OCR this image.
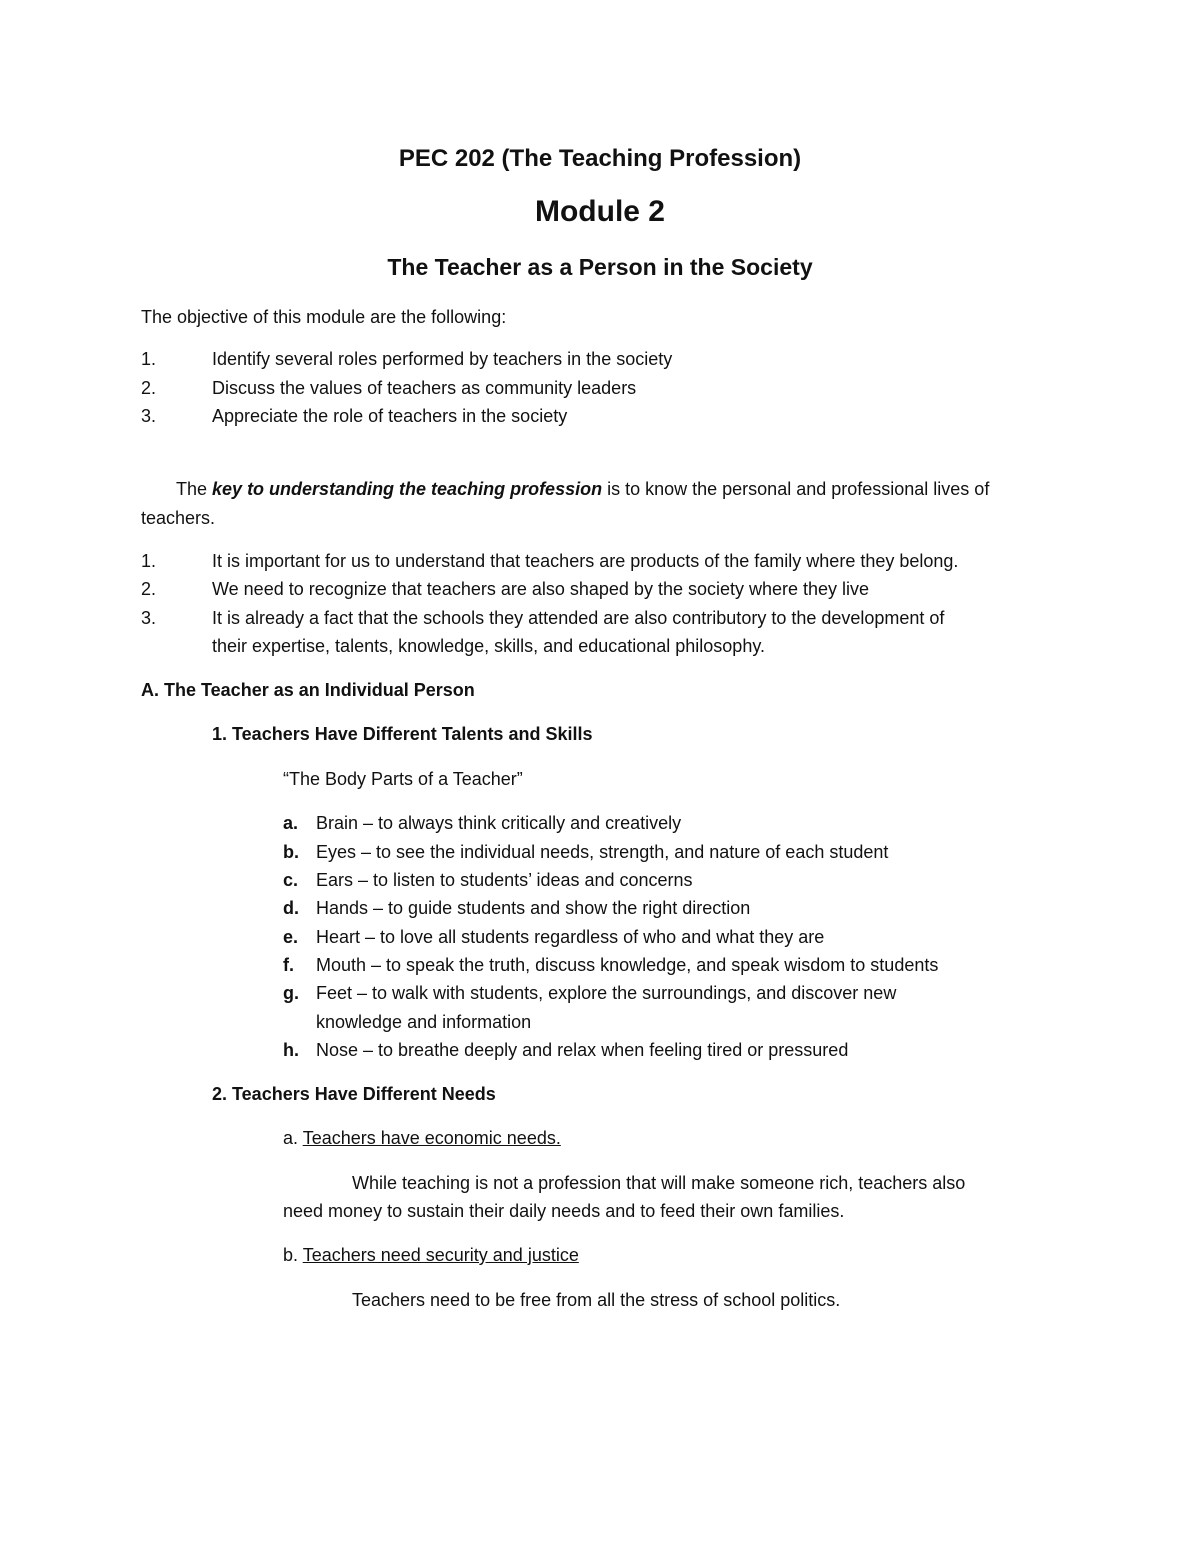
PEC 202 (The Teaching Profession)
Module 2
The Teacher as a Person in the Society
The objective of this module are the following:
1.	Identify several roles performed by teachers in the society
2.	Discuss the values of teachers as community leaders
3.	Appreciate the role of teachers in the society
The key to understanding the teaching profession is to know the personal and professional lives of
teachers.
1.	It is important for us to understand that teachers are products of the family where they belong.
2.	We need to recognize that teachers are also shaped by the society where they live
3.	It is already a fact that the schools they attended are also contributory to the development of
their expertise, talents, knowledge, skills, and educational philosophy.
A. The Teacher as an Individual Person
1. Teachers Have Different Talents and Skills
“The Body Parts of a Teacher”
a. Brain – to always think critically and creatively
b. Eyes – to see the individual needs, strength, and nature of each student
c. Ears – to listen to students’ ideas and concerns
d. Hands – to guide students and show the right direction
e. Heart – to love all students regardless of who and what they are
f. Mouth – to speak the truth, discuss knowledge, and speak wisdom to students
g. Feet – to walk with students, explore the surroundings, and discover new
knowledge and information
h. Nose – to breathe deeply and relax when feeling tired or pressured
2. Teachers Have Different Needs
a. Teachers have economic needs.
While teaching is not a profession that will make someone rich, teachers also
need money to sustain their daily needs and to feed their own families.
b. Teachers need security and justice
Teachers need to be free from all the stress of school politics.
